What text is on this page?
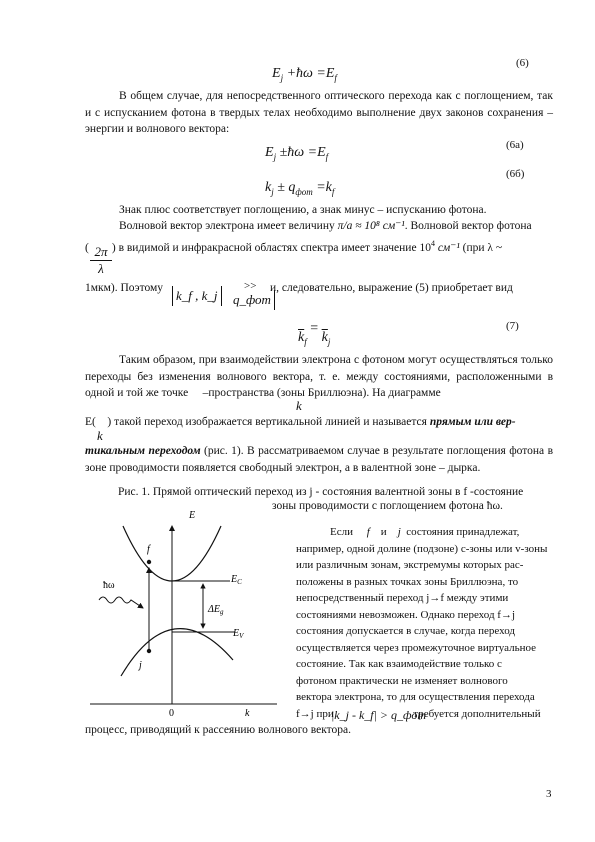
$E_j$ +ħω $=E_f$
(6)
В общем случае, для непосредственного оптического перехода как с поглощением, так и с испусканием фотона в твердых телах необходимо выполнение двух законов сохранения – энергии и волнового вектора:
$E_j$ ±ħω $=E_f$
(6а)
$k_j \pm q_{фот} =k_f$
(6б)
Знак плюс соответствует поглощению, а знак минус – испусканию фотона.
Волновой вектор электрона имеет величину π/a ≈ 10⁸ см⁻¹. Волновой вектор фотона
( ) в видимой и инфракрасной областях спектра имеет значение $10^4$ см⁻¹ (при λ ~
$\frac{2\pi}{\lambda}$
1мкм). Поэтому k_f , k_j
>>
q_фот
и, следовательно, выражение (5) приобретает вид
$\overline{k}_f = \overline{k}_j$
(7)
Таким образом, при взаимодействии электрона с фотоном могут осуществляться только переходы без изменения волнового вектора, т. е. между состояниями, расположенными в одной и той же точке –пространства (зоны Бриллюэна). На диаграмме
k
E( ) такой переход изображается вертикальной линией и называется прямым или вер-
k
тикальным переходом (рис. 1). В рассматриваемом случае в результате поглощения фотона в зоне проводимости появляется свободный электрон, а в валентной зоне – дырка.
Рис. 1. Прямой оптический переход из j - состояния валентной зоны в f -состояние
зоны проводимости с поглощением фотона ħω.
E
0	k
$E_C$
$E_V$
$\Delta E_g$
f
j
ħω
Если f и j состояния принадлежат,
например, одной долине (подзоне) c-зоны или v-зоны
или различным зонам, экстремумы которых рас-
положены в разных точках зоны Бриллюэна, то
непосредственный переход j→f между этими
состояниями невозможен. Однако переход f→j
состояния допускается в случае, когда переход
осуществляется через промежуточное виртуальное
состояние. Так как взаимодействие только с
фотоном практически не изменяет волнового
вектора электрона, то для осуществления перехода
f→j при	требуется дополнительный
|k_j - k_f| > q_фот
процесс, приводящий к рассеянию волнового вектора.
3
